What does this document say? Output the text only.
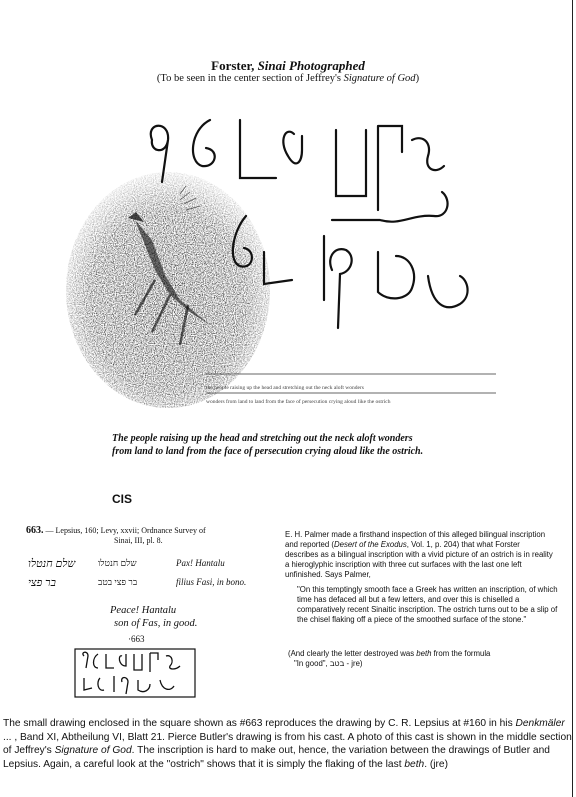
Forster, Sinai Photographed
(To be seen in the center section of Jeffrey's Signature of God)
the people raising up the head and stretching out the neck aloft wonders
wonders from land to land from the face of persecution crying aloud like the ostrich
The people raising up the head and stretching out the neck aloft wonders
from land to land from the face of persecution crying aloud like the ostrich.
CIS
663. — Lepsius, 160; Levy, xxvii; Ordnance Survey of
Sinai, III, pl. 8.
שלם חנטלו	שלם חנטלו	Pax! Hantalu
בר פצי	בר פצי בטב	filius Fasi, in bono.
Peace! Hantalu
son of Fas, in good.
·663
E. H. Palmer made a firsthand inspection of this alleged bilingual inscription and reported (Desert of the Exodus, Vol. 1, p. 204) that what Forster describes as a bilingual inscription with a vivid picture of an ostrich is in reality a hieroglyphic inscription with three cut surfaces with the last one left unfinished. Says Palmer,
"On this temptingly smooth face a Greek has written an inscription, of which time has defaced all but a few letters, and over this is chiselled a comparatively recent Sinaitic inscription. The ostrich turns out to be a slip of the chisel flaking off a piece of the smoothed surface of the stone."
(And clearly the letter destroyed was beth from the formula
"In good", בטב - jre)
The small drawing enclosed in the square shown as #663 reproduces the drawing by C. R. Lepsius at #160 in his Denkmäler ... , Band XI, Abtheilung VI, Blatt 21. Pierce Butler's drawing is from his cast. A photo of this cast is shown in the middle section of Jeffrey's Signature of God. The inscription is hard to make out, hence, the variation between the drawings of Butler and Lepsius. Again, a careful look at the "ostrich" shows that it is simply the flaking of the last beth. (jre)
